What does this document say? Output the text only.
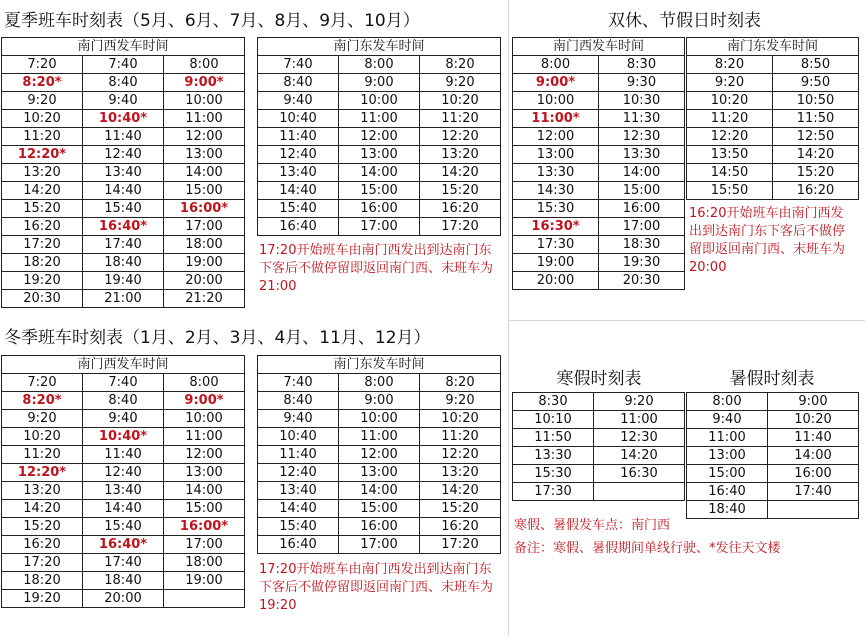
夏季班车时刻表（5月、6月、7月、8月、9月、10月）	双休、节假日时刻表
冬季班车时刻表（1月、2月、3月、4月、11月、12月）
寒假时刻表	暑假时刻表
南门西发车时间		
7:20	7:40	8:00
8:20*	8:40	9:00*
9:20	9:40	10:00
10:20	10:40*	11:00
11:20	11:40	12:00
12:20*	12:40	13:00
13:20	13:40	14:00
14:20	14:40	15:00
15:20	15:40	16:00*
16:20	16:40*	17:00
17:20	17:40	18:00
18:20	18:40	19:00
19:20	19:40	20:00
20:30	21:00	21:20
南门东发车时间		
7:40	8:00	8:20
8:40	9:00	9:20
9:40	10:00	10:20
10:40	11:00	11:20
11:40	12:00	12:20
12:40	13:00	13:20
13:40	14:00	14:20
14:40	15:00	15:20
15:40	16:00	16:20
16:40	17:00	17:20
17:20开始班车由南门西发出到达南门东下客后不做停留即返回南门西、末班车为21:00
南门西发车时间	
8:00	8:30
9:00*	9:30
10:00	10:30
11:00*	11:30
12:00	12:30
13:00	13:30
13:30	14:00
14:30	15:00
15:30	16:00
16:30*	17:00
17:30	18:30
19:00	19:30
20:00	20:30
南门东发车时间	
8:20	8:50
9:20	9:50
10:20	10:50
11:20	11:50
12:20	12:50
13:50	14:20
14:50	15:20
15:50	16:20
16:20开始班车由南门西发出到达南门东下客后不做停留即返回南门西、末班车为20:00
南门西发车时间		
7:20	7:40	8:00
8:20*	8:40	9:00*
9:20	9:40	10:00
10:20	10:40*	11:00
11:20	11:40	12:00
12:20*	12:40	13:00
13:20	13:40	14:00
14:20	14:40	15:00
15:20	15:40	16:00*
16:20	16:40*	17:00
17:20	17:40	18:00
18:20	18:40	19:00
19:20	20:00	
南门东发车时间		
7:40	8:00	8:20
8:40	9:00	9:20
9:40	10:00	10:20
10:40	11:00	11:20
11:40	12:00	12:20
12:40	13:00	13:20
13:40	14:00	14:20
14:40	15:00	15:20
15:40	16:00	16:20
16:40	17:00	17:20
17:20开始班车由南门西发出到达南门东下客后不做停留即返回南门西、末班车为19:20
8:30	9:20
10:10	11:00
11:50	12:30
13:30	14:20
15:30	16:30
17:30	
8:00	9:00
9:40	10:20
11:00	11:40
13:00	14:00
15:00	16:00
16:40	17:40
18:40	
寒假、暑假发车点：南门西
备注：寒假、暑假期间单线行驶、*发往天文楼
